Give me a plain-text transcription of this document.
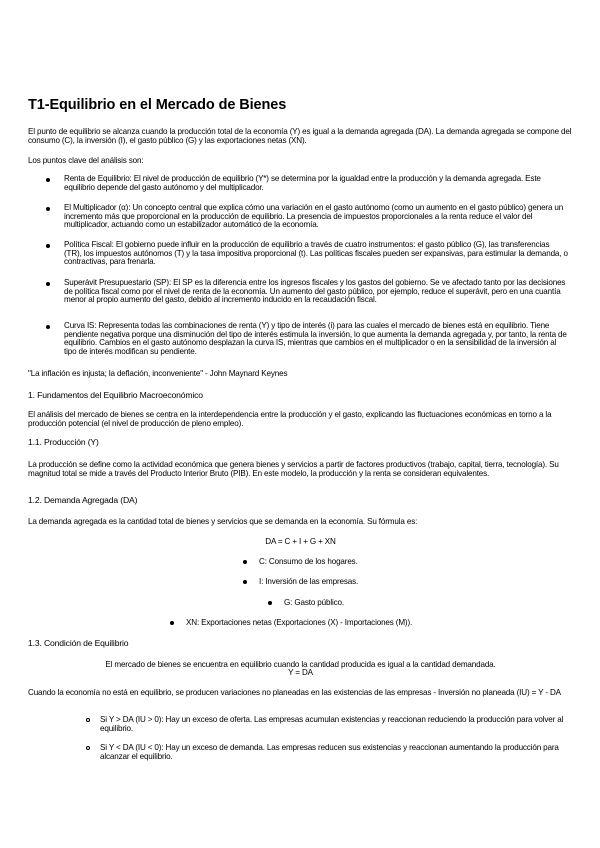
T1-Equilibrio en el Mercado de Bienes

El punto de equilibrio se alcanza cuando la producción total de la economía (Y) es igual a la demanda agregada (DA). La demanda agregada se compone del consumo (C), la inversión (I), el gasto público (G) y las exportaciones netas (XN).

Los puntos clave del análisis son:

Renta de Equilibrio: El nivel de producción de equilibrio (Y*) se determina por la igualdad entre la producción y la demanda agregada. Este equilibrio depende del gasto autónomo y del multiplicador.

El Multiplicador (α): Un concepto central que explica cómo una variación en el gasto autónomo (como un aumento en el gasto público) genera un incremento más que proporcional en la producción de equilibrio. La presencia de impuestos proporcionales a la renta reduce el valor del multiplicador, actuando como un estabilizador automático de la economía.

Política Fiscal: El gobierno puede influir en la producción de equilibrio a través de cuatro instrumentos: el gasto público (G), las transferencias (TR), los impuestos autónomos (T) y la tasa impositiva proporcional (t). Las políticas fiscales pueden ser expansivas, para estimular la demanda, o contractivas, para frenarla.

Superávit Presupuestario (SP): El SP es la diferencia entre los ingresos fiscales y los gastos del gobierno. Se ve afectado tanto por las decisiones de política fiscal como por el nivel de renta de la economía. Un aumento del gasto público, por ejemplo, reduce el superávit, pero en una cuantía menor al propio aumento del gasto, debido al incremento inducido en la recaudación fiscal.

Curva IS: Representa todas las combinaciones de renta (Y) y tipo de interés (i) para las cuales el mercado de bienes está en equilibrio. Tiene pendiente negativa porque una disminución del tipo de interés estimula la inversión, lo que aumenta la demanda agregada y, por tanto, la renta de equilibrio. Cambios en el gasto autónomo desplazan la curva IS, mientras que cambios en el multiplicador o en la sensibilidad de la inversión al tipo de interés modifican su pendiente.

"La inflación es injusta; la deflación, inconveniente" - John Maynard Keynes

1. Fundamentos del Equilibrio Macroeconómico

El análisis del mercado de bienes se centra en la interdependencia entre la producción y el gasto, explicando las fluctuaciones económicas en torno a la producción potencial (el nivel de producción de pleno empleo).

1.1. Producción (Y)

La producción se define como la actividad económica que genera bienes y servicios a partir de factores productivos (trabajo, capital, tierra, tecnología). Su magnitud total se mide a través del Producto Interior Bruto (PIB). En este modelo, la producción y la renta se consideran equivalentes.

1.2. Demanda Agregada (DA)

La demanda agregada es la cantidad total de bienes y servicios que se demanda en la economía. Su fórmula es:

DA = C + I + G + XN

C: Consumo de los hogares.

I: Inversión de las empresas.

G: Gasto público.

XN: Exportaciones netas (Exportaciones (X) - Importaciones (M)).

1.3. Condición de Equilibrio

El mercado de bienes se encuentra en equilibrio cuando la cantidad producida es igual a la cantidad demandada.

Y = DA

Cuando la economía no está en equilibrio, se producen variaciones no planeadas en las existencias de las empresas - Inversión no planeada (IU) = Y - DA

Si Y > DA (IU > 0): Hay un exceso de oferta. Las empresas acumulan existencias y reaccionan reduciendo la producción para volver al equilibrio.

Si Y < DA (IU < 0): Hay un exceso de demanda. Las empresas reducen sus existencias y reaccionan aumentando la producción para alcanzar el equilibrio.
